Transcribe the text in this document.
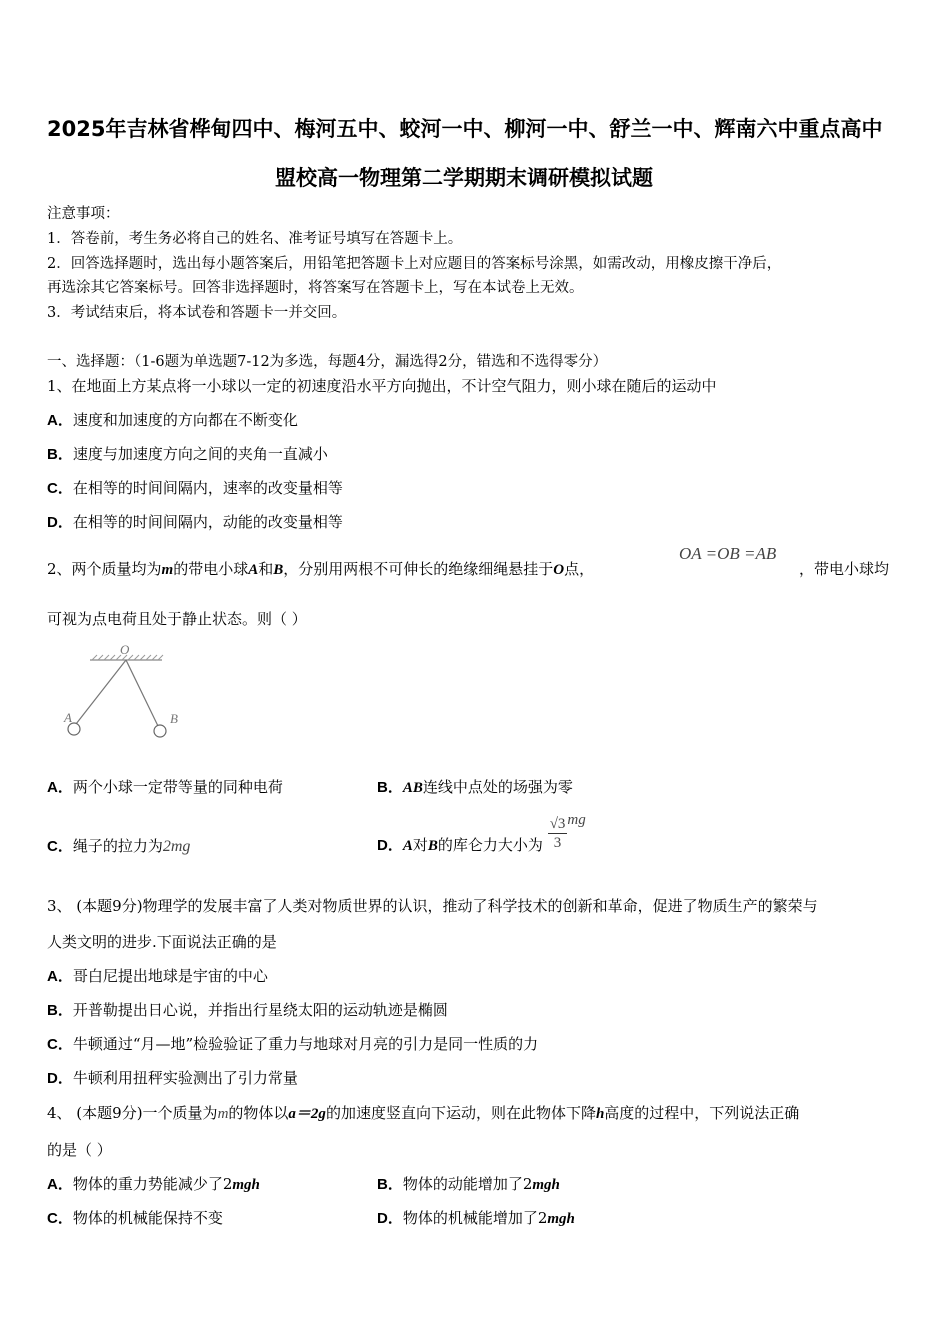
2025年吉林省桦甸四中、梅河五中、蛟河一中、柳河一中、舒兰一中、辉南六中重点高中
盟校高一物理第二学期期末调研模拟试题
注意事项：
1．答卷前，考生务必将自己的姓名、准考证号填写在答题卡上。
2．回答选择题时，选出每小题答案后，用铅笔把答题卡上对应题目的答案标号涂黑，如需改动，用橡皮擦干净后，
再选涂其它答案标号。回答非选择题时，将答案写在答题卡上，写在本试卷上无效。
3．考试结束后，将本试卷和答题卡一并交回。
一、选择题：（1-6题为单选题7-12为多选，每题4分，漏选得2分，错选和不选得零分）
1、在地面上方某点将一小球以一定的初速度沿水平方向抛出，不计空气阻力，则小球在随后的运动中
A．速度和加速度的方向都在不断变化
B．速度与加速度方向之间的夹角一直减小
C．在相等的时间间隔内，速率的改变量相等
D．在相等的时间间隔内，动能的改变量相等
2、两个质量均为m的带电小球A和B，分别用两根不可伸长的绝缘细绳悬挂于O点，
OA =OB =AB
，带电小球均
可视为点电荷且处于静止状态。则（ ）
O
A	B
A．两个小球一定带等量的同种电荷	B．AB连线中点处的场强为零
C．绳子的拉力为2mg	D．A对B的库仑力大小为 $\frac{√3}{3}$ mg
3、 (本题9分)物理学的发展丰富了人类对物质世界的认识，推动了科学技术的创新和革命，促进了物质生产的繁荣与
人类文明的进步.下面说法正确的是
A．哥白尼提出地球是宇宙的中心
B．开普勒提出日心说，并指出行星绕太阳的运动轨迹是椭圆
C．牛顿通过“月—地”检验验证了重力与地球对月亮的引力是同一性质的力
D．牛顿利用扭秤实验测出了引力常量
4、 (本题9分)一个质量为m的物体以a＝2g的加速度竖直向下运动，则在此物体下降h高度的过程中，下列说法正确
的是（ ）
A．物体的重力势能减少了2mgh	B．物体的动能增加了2mgh
C．物体的机械能保持不变	D．物体的机械能增加了2mgh
